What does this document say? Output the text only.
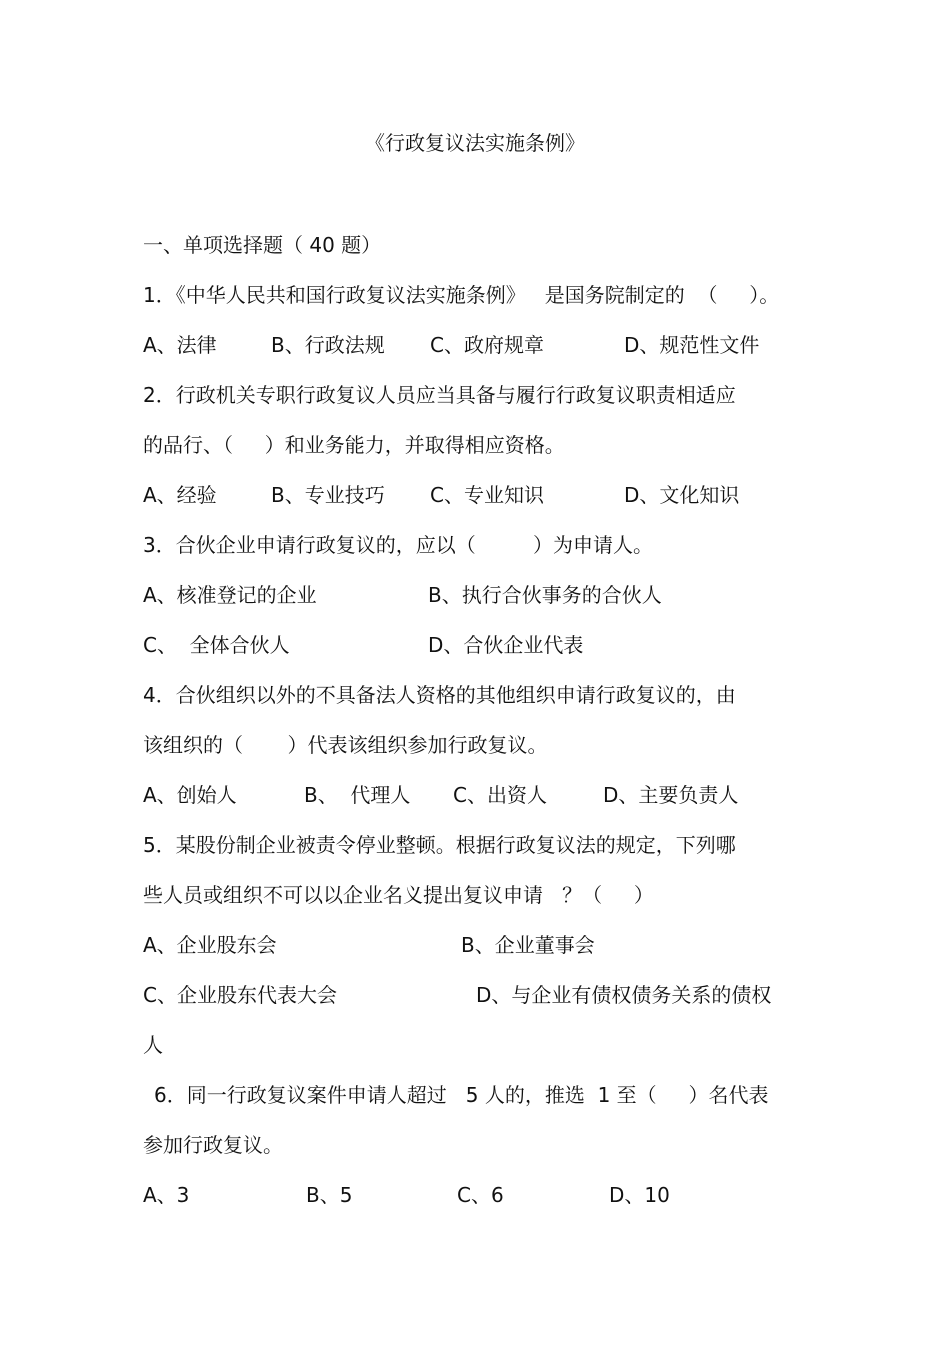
《行政复议法实施条例》
一、单项选择题（ 40 题）
1．《中华人民共和国行政复议法实施条例》   是国务院制定的  （     ）。
A、法律	B、行政法规 C、政府规章	D、规范性文件
2．行政机关专职行政复议人员应当具备与履行行政复议职责相适应
的品行、（     ）和业务能力，并取得相应资格。
A、经验	B、专业技巧 C、专业知识	D、文化知识
3．合伙企业申请行政复议的，应以（         ）为申请人。
A、核准登记的企业	B、执行合伙事务的合伙人
C、  全体合伙人	D、合伙企业代表
4．合伙组织以外的不具备法人资格的其他组织申请行政复议的，由
该组织的（       ）代表该组织参加行政复议。
A、创始人	B、  代理人 C、出资人	D、主要负责人
5．某股份制企业被责令停业整顿。根据行政复议法的规定，下列哪
些人员或组织不可以以企业名义提出复议申请   ？（     ）
A、企业股东会	B、企业董事会
C、企业股东代表大会	D、与企业有债权债务关系的债权
人
6．同一行政复议案件申请人超过   5 人的，推选  1 至（     ）名代表
参加行政复议。
A、3	B、5	C、6	D、10
